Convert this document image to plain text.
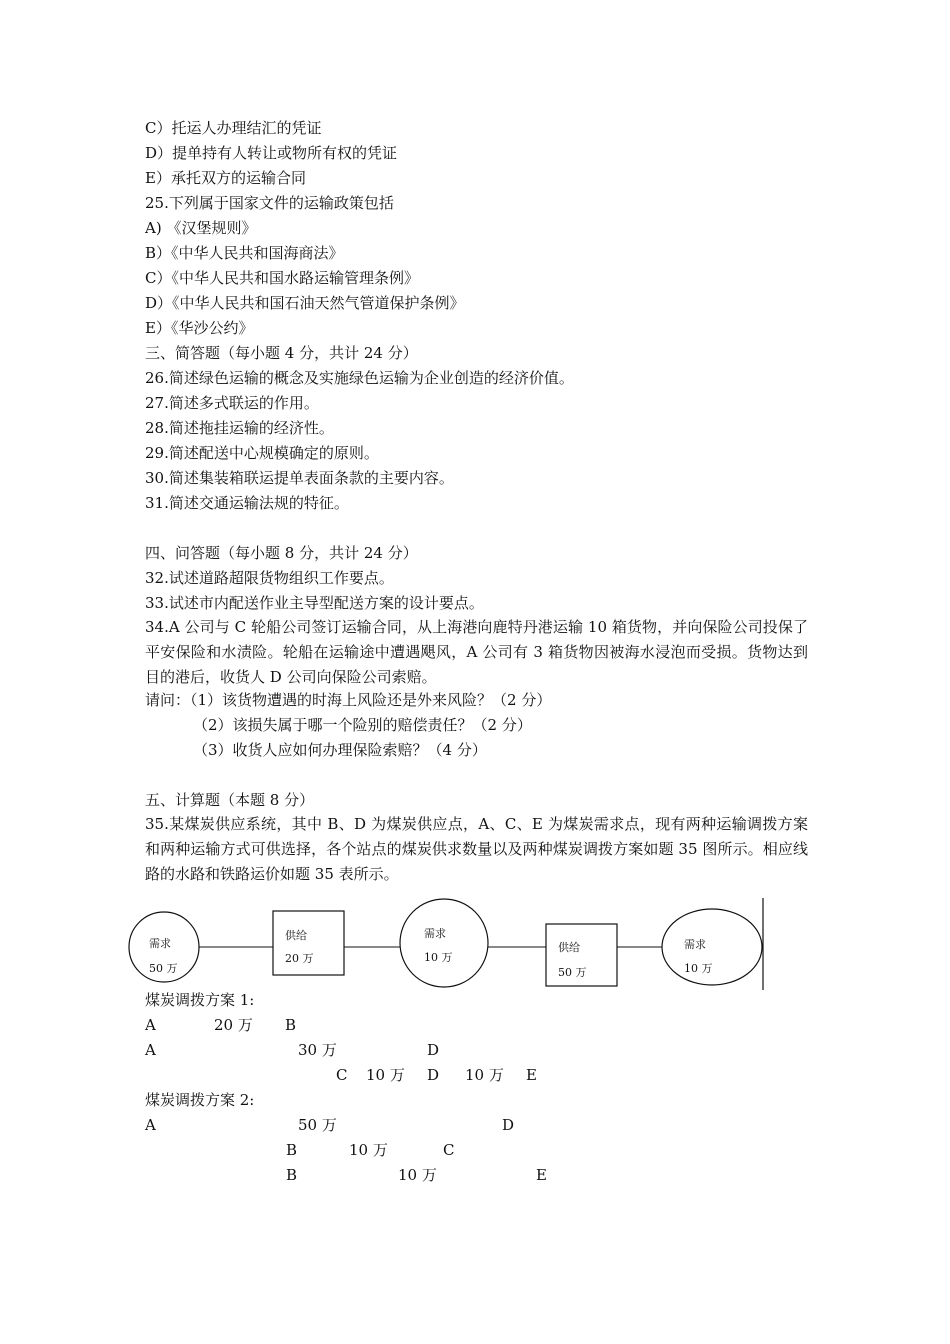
C）托运人办理结汇的凭证
D）提单持有人转让或物所有权的凭证
E）承托双方的运输合同
25.下列属于国家文件的运输政策包括
A) 《汉堡规则》
B）《中华人民共和国海商法》
C）《中华人民共和国水路运输管理条例》
D）《中华人民共和国石油天然气管道保护条例》
E）《华沙公约》
三、简答题（每小题 4 分，共计 24 分）
26.简述绿色运输的概念及实施绿色运输为企业创造的经济价值。
27.简述多式联运的作用。
28.简述拖挂运输的经济性。
29.简述配送中心规模确定的原则。
30.简述集装箱联运提单表面条款的主要内容。
31.简述交通运输法规的特征。
四、问答题（每小题 8 分，共计 24 分）
32.试述道路超限货物组织工作要点。
33.试述市内配送作业主导型配送方案的设计要点。
34.A 公司与 C 轮船公司签订运输合同，从上海港向鹿特丹港运输 10 箱货物，并向保险公司投保了平安保险和水渍险。轮船在运输途中遭遇飓风，A 公司有 3 箱货物因被海水浸泡而受损。货物达到目的港后，收货人 D 公司向保险公司索赔。
请问：（1）该货物遭遇的时海上风险还是外来风险？（2 分）
（2）该损失属于哪一个险别的赔偿责任？（2 分）
（3）收货人应如何办理保险索赔？（4 分）
五、计算题（本题 8 分）
35.某煤炭供应系统，其中 B、D 为煤炭供应点，A、C、E 为煤炭需求点，现有两种运输调拨方案和两种运输方式可供选择，各个站点的煤炭供求数量以及两种煤炭调拨方案如题 35 图所示。相应线路的水路和铁路运价如题 35 表所示。
需求
50 万
供给
20 万
需求
10 万
供给
50 万
需求
10 万
煤炭调拨方案 1:
A	20 万 B
A	30 万	D
C 10 万 D 10 万 E
煤炭调拨方案 2:
A	50 万	D
B	10 万	C
B	10 万	E
